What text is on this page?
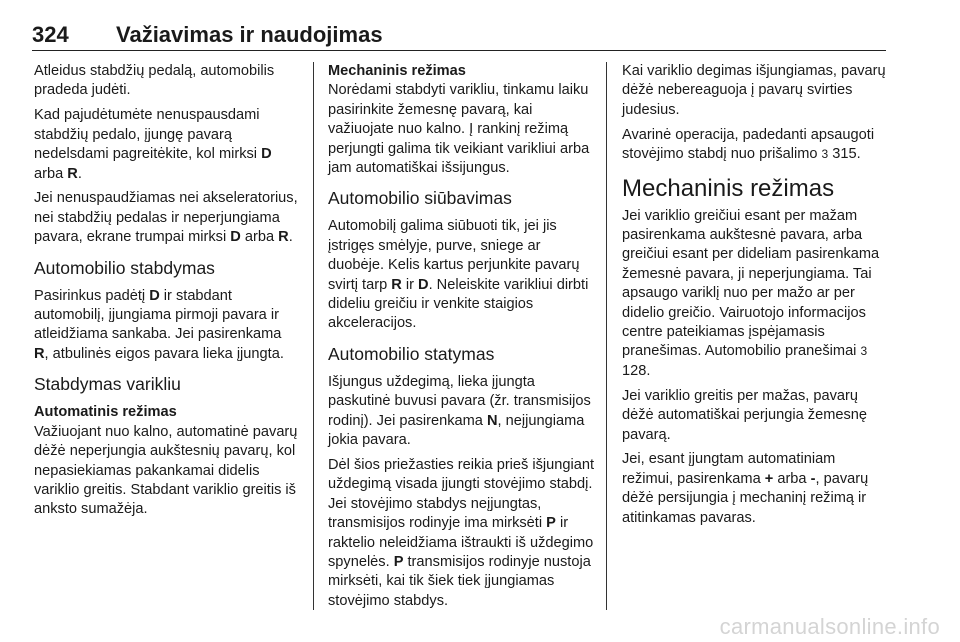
324 Važiavimas ir naudojimas

Atleidus stabdžių pedalą, automobilis pradeda judėti.

Kad pajudėtumėte nenuspausdami stabdžių pedalo, įjungę pavarą nedelsdami pagreitėkite, kol mirksi D arba R.

Jei nenuspaudžiamas nei akseleratorius, nei stabdžių pedalas ir neperjungiama pavara, ekrane trumpai mirksi D arba R.

Automobilio stabdymas

Pasirinkus padėtį D ir stabdant automobilį, įjungiama pirmoji pavara ir atleidžiama sankaba. Jei pasirenkama R, atbulinės eigos pavara lieka įjungta.

Stabdymas varikliu
Automatinis režimas

Važiuojant nuo kalno, automatinė pavarų dėžė neperjungia aukštesnių pavarų, kol nepasiekiamas pakankamai didelis variklio greitis. Stabdant variklio greitis iš anksto sumažėja.

Mechaninis režimas

Norėdami stabdyti varikliu, tinkamu laiku pasirinkite žemesnę pavarą, kai važiuojate nuo kalno. Į rankinį režimą perjungti galima tik veikiant varikliui arba jam automatiškai išsijungus.

Automobilio siūbavimas

Automobilį galima siūbuoti tik, jei jis įstrigęs smėlyje, purve, sniege ar duobėje. Kelis kartus perjunkite pavarų svirtį tarp R ir D. Neleiskite varikliui dirbti dideliu greičiu ir venkite staigios akceleracijos.

Automobilio statymas

Išjungus uždegimą, lieka įjungta paskutinė buvusi pavara (žr. transmisijos rodinį). Jei pasirenkama N, neįjungiama jokia pavara.

Dėl šios priežasties reikia prieš išjungiant uždegimą visada įjungti stovėjimo stabdį. Jei stovėjimo stabdys neįjungtas, transmisijos rodinyje ima mirksėti P ir raktelio neleidžiama ištraukti iš uždegimo spynelės. P transmisijos rodinyje nustoja mirksėti, kai tik šiek tiek įjungiamas stovėjimo stabdys.

Kai variklio degimas išjungiamas, pavarų dėžė nebereaguoja į pavarų svirties judesius.

Avarinė operacija, padedanti apsaugoti stovėjimo stabdį nuo prišalimo 3 315.

Mechaninis režimas

Jei variklio greičiui esant per mažam pasirenkama aukštesnė pavara, arba greičiui esant per dideliam pasirenkama žemesnė pavara, ji neperjungiama. Tai apsaugo variklį nuo per mažo ar per didelio greičio. Vairuotojo informacijos centre pateikiamas įspėjamasis pranešimas. Automobilio pranešimai 3 128.

Jei variklio greitis per mažas, pavarų dėžė automatiškai perjungia žemesnę pavarą.

Jei, esant įjungtam automatiniam režimui, pasirenkama + arba -, pavarų dėžė persijungia į mechaninį režimą ir atitinkamas pavaras.

carmanualsonline.info
